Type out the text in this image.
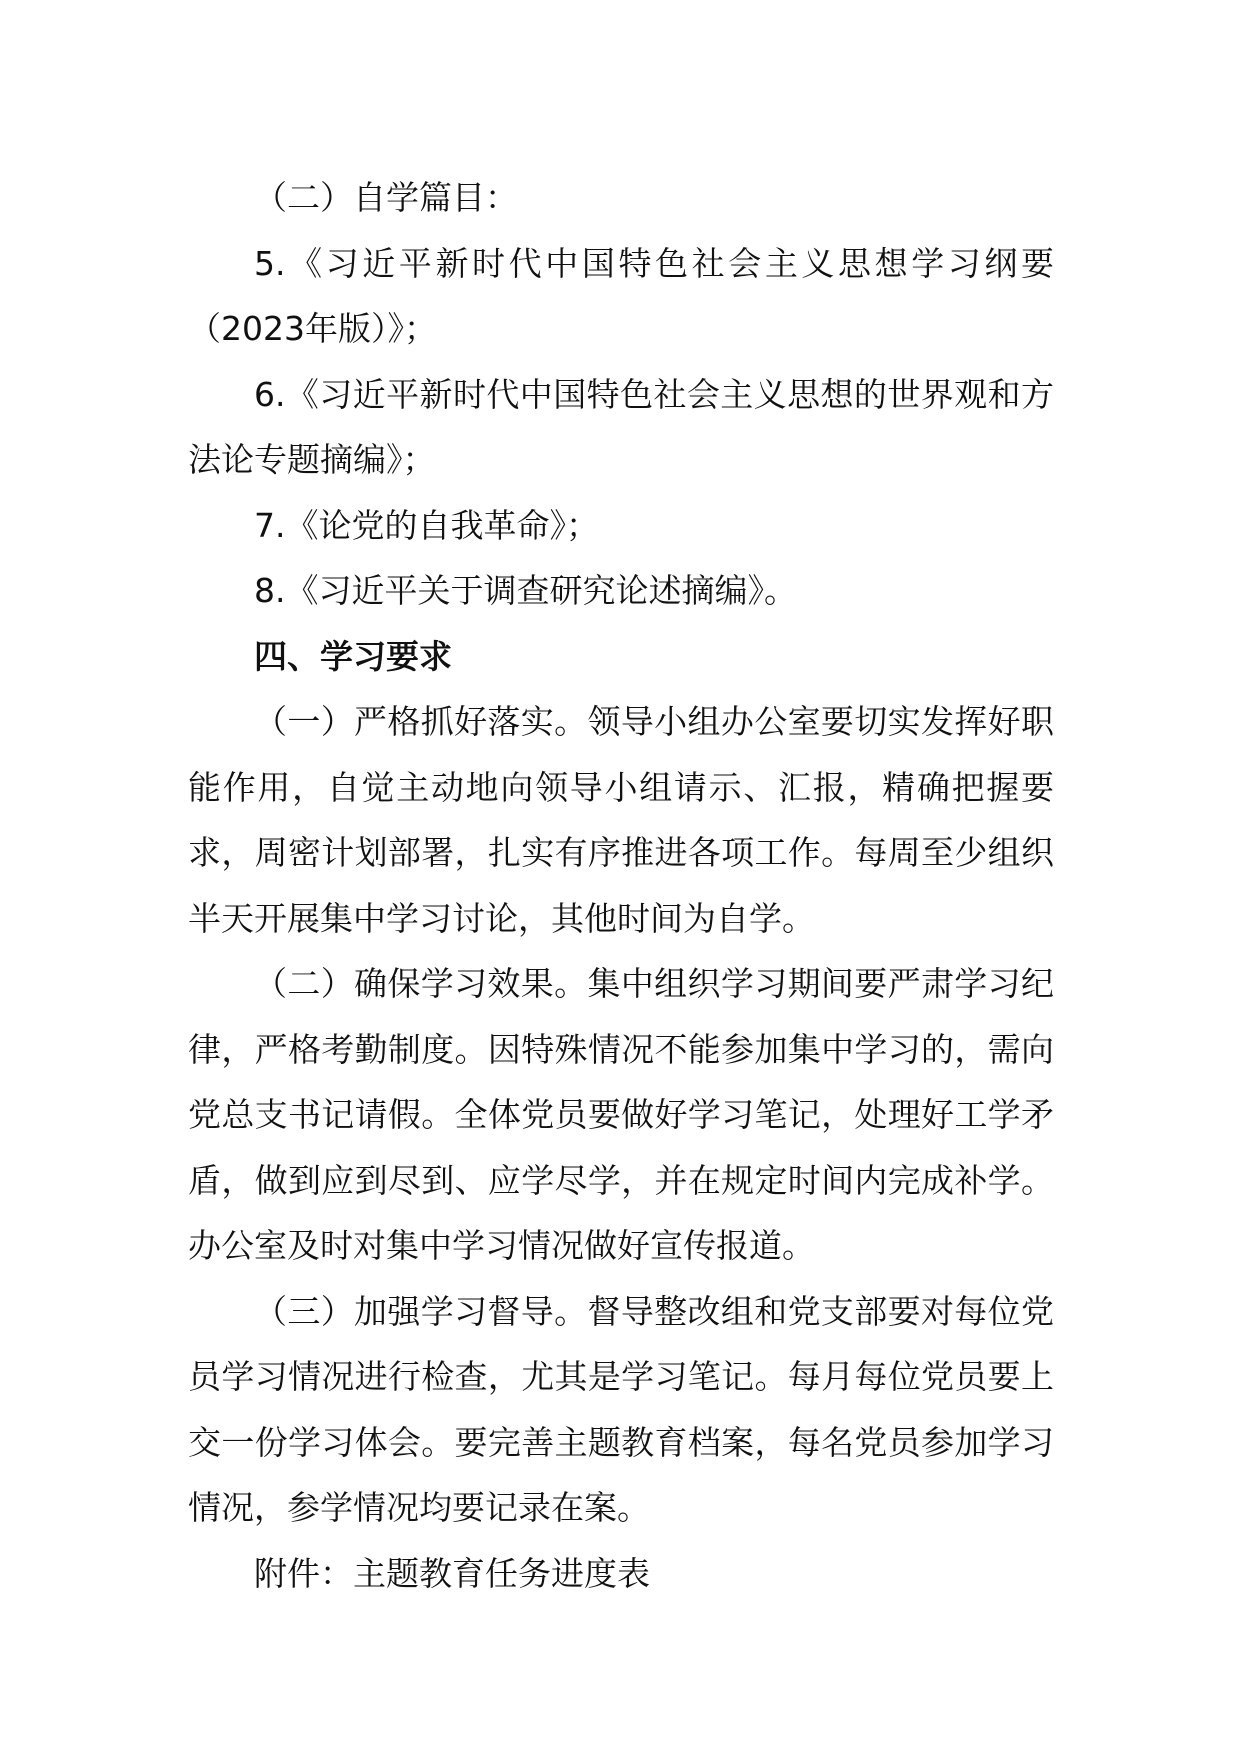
（二）自学篇目：

5.《习近平新时代中国特色社会主义思想学习纲要（2023年版）》；

6.《习近平新时代中国特色社会主义思想的世界观和方法论专题摘编》；

7.《论党的自我革命》；

8.《习近平关于调查研究论述摘编》。

四、学习要求

（一）严格抓好落实。领导小组办公室要切实发挥好职能作用，自觉主动地向领导小组请示、汇报，精确把握要求，周密计划部署，扎实有序推进各项工作。每周至少组织半天开展集中学习讨论，其他时间为自学。

（二）确保学习效果。集中组织学习期间要严肃学习纪律，严格考勤制度。因特殊情况不能参加集中学习的，需向党总支书记请假。全体党员要做好学习笔记，处理好工学矛盾，做到应到尽到、应学尽学，并在规定时间内完成补学。办公室及时对集中学习情况做好宣传报道。

（三）加强学习督导。督导整改组和党支部要对每位党员学习情况进行检查，尤其是学习笔记。每月每位党员要上交一份学习体会。要完善主题教育档案，每名党员参加学习情况，参学情况均要记录在案。

附件：主题教育任务进度表
